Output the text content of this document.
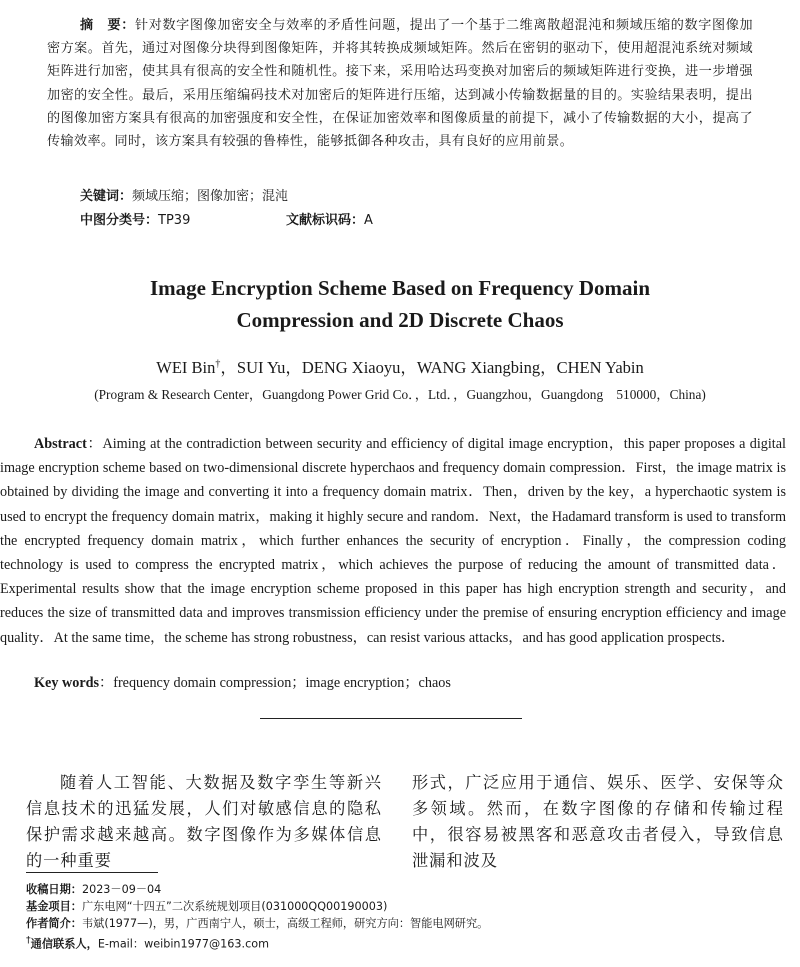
摘　要：针对数字图像加密安全与效率的矛盾性问题，提出了一个基于二维离散超混沌和频域压缩的数字图像加密方案。首先，通过对图像分块得到图像矩阵，并将其转换成频域矩阵。然后在密钥的驱动下，使用超混沌系统对频域矩阵进行加密，使其具有很高的安全性和随机性。接下来，采用哈达玛变换对加密后的频域矩阵进行变换，进一步增强加密的安全性。最后，采用压缩编码技术对加密后的矩阵进行压缩，达到减小传输数据量的目的。实验结果表明，提出的图像加密方案具有很高的加密强度和安全性，在保证加密效率和图像质量的前提下，减小了传输数据的大小，提高了传输效率。同时，该方案具有较强的鲁棒性，能够抵御各种攻击，具有良好的应用前景。

关键词：频域压缩；图像加密；混沌
中图分类号：TP39	文献标识码：A
Image Encryption Scheme Based on Frequency Domain
Compression and 2D Discrete Chaos
WEI Bin†，SUI Yu，DENG Xiaoyu，WANG Xiangbing，CHEN Yabin
(Program & Research Center，Guangdong Power Grid Co．，Ltd．，Guangzhou，Guangdong　510000，China)

Abstract：Aiming at the contradiction between security and efficiency of digital image encryption，this paper proposes a digital image encryption scheme based on two-dimensional discrete hyperchaos and frequency domain compression．First，the image matrix is obtained by dividing the image and converting it into a frequency domain matrix．Then，driven by the key，a hyperchaotic system is used to encrypt the frequency domain matrix，making it highly secure and random．Next，the Hadamard transform is used to transform the encrypted frequency domain matrix，which further enhances the security of encryption．Finally，the compression coding technology is used to compress the encrypted matrix，which achieves the purpose of reducing the amount of transmitted data．Experimental results show that the image encryption scheme proposed in this paper has high encryption strength and security，and reduces the size of transmitted data and improves transmission efficiency under the premise of ensuring encryption efficiency and image quality．At the same time，the scheme has strong robustness，can resist various attacks，and has good application prospects．

Key words：frequency domain compression；image encryption；chaos

随着人工智能、大数据及数字孪生等新兴信息技术的迅猛发展，人们对敏感信息的隐私保护需求越来越高。数字图像作为多媒体信息的一种重要

形式，广泛应用于通信、娱乐、医学、安保等众多领域。然而，在数字图像的存储和传输过程中，很容易被黑客和恶意攻击者侵入，导致信息泄漏和波及

收稿日期：2023－09－04
基金项目：广东电网“十四五”二次系统规划项目(031000QQ00190003)
作者简介：韦斌(1977—)，男，广西南宁人，硕士，高级工程师，研究方向：智能电网研究。
†通信联系人，E-mail：weibin1977@163.com
